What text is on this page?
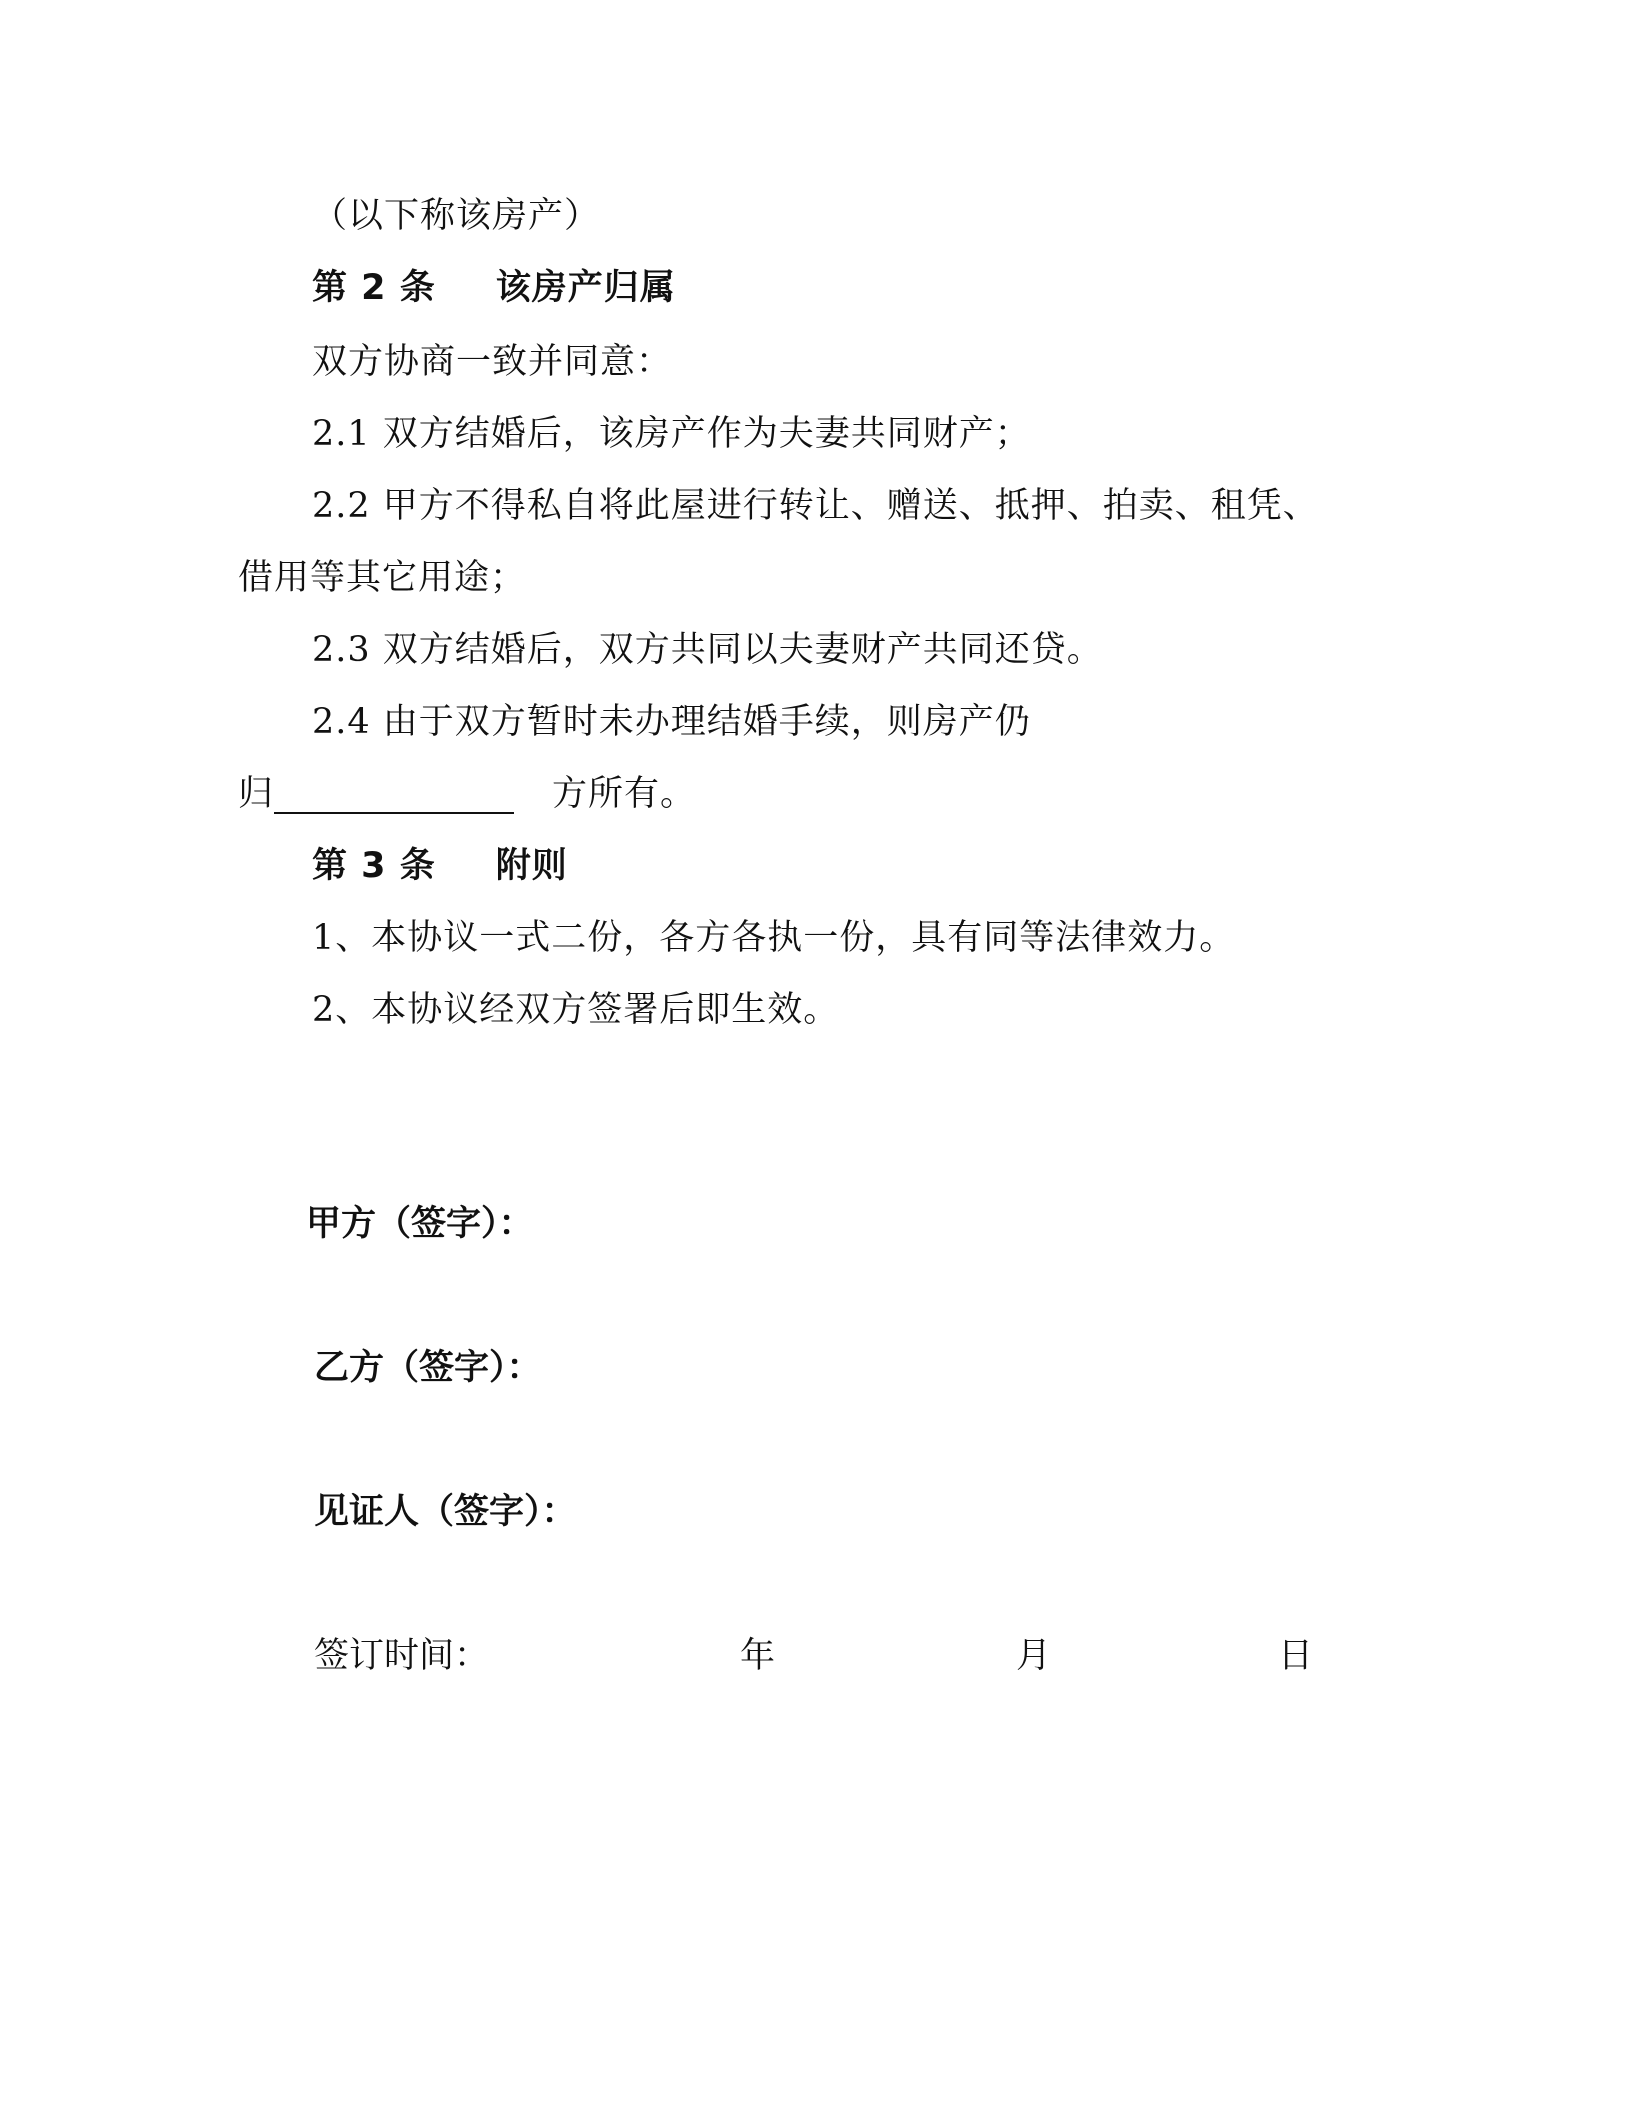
（以下称该房产）
第 2 条 该房产归属
双方协商一致并同意：
2.1 双方结婚后，该房产作为夫妻共同财产；
2.2 甲方不得私自将此屋进行转让、赠送、抵押、拍卖、租凭、
借用等其它用途；
2.3 双方结婚后，双方共同以夫妻财产共同还贷。
2.4 由于双方暂时未办理结婚手续，则房产仍
归	方所有。
第 3 条 附则
1、本协议一式二份，各方各执一份，具有同等法律效力。
2、本协议经双方签署后即生效。
甲方（签字）：
乙方（签字）：
见证人（签字）：
签订时间：	年	月	日
